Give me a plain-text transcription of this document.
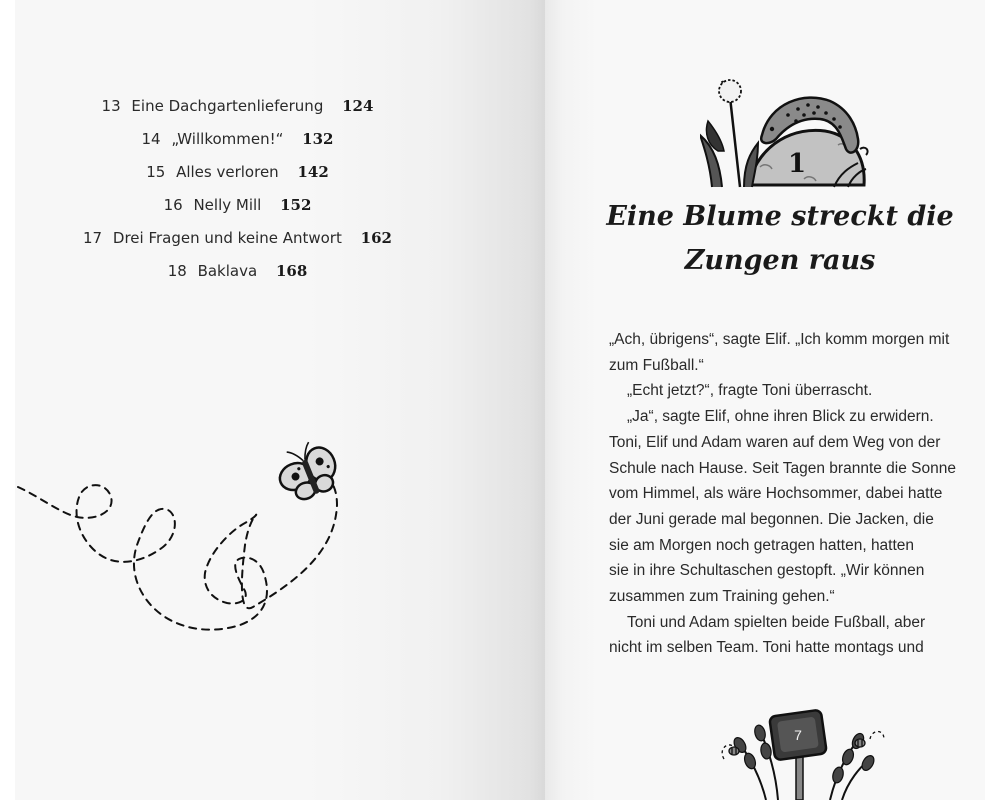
13 Eine Dachgartenlieferung 124
14 „Willkommen!“ 132
15 Alles verloren 142
16 Nelly Mill 152
17 Drei Fragen und keine Antwort 162
18 Baklava 168
1
Eine Blume streckt die
Zungen raus

„Ach, übrigens“, sagte Elif. „Ich komm morgen mit

zum Fußball.“

„Echt jetzt?“, fragte Toni überrascht.

„Ja“, sagte Elif, ohne ihren Blick zu erwidern.

Toni, Elif und Adam waren auf dem Weg von der

Schule nach Hause. Seit Tagen brannte die Sonne

vom Himmel, als wäre Hochsommer, dabei hatte

der Juni gerade mal begonnen. Die Jacken, die

sie am Morgen noch getragen hatten, hatten

sie in ihre Schultaschen gestopft. „Wir können

zusammen zum Training gehen.“

Toni und Adam spielten beide Fußball, aber

nicht im selben Team. Toni hatte montags und

7
